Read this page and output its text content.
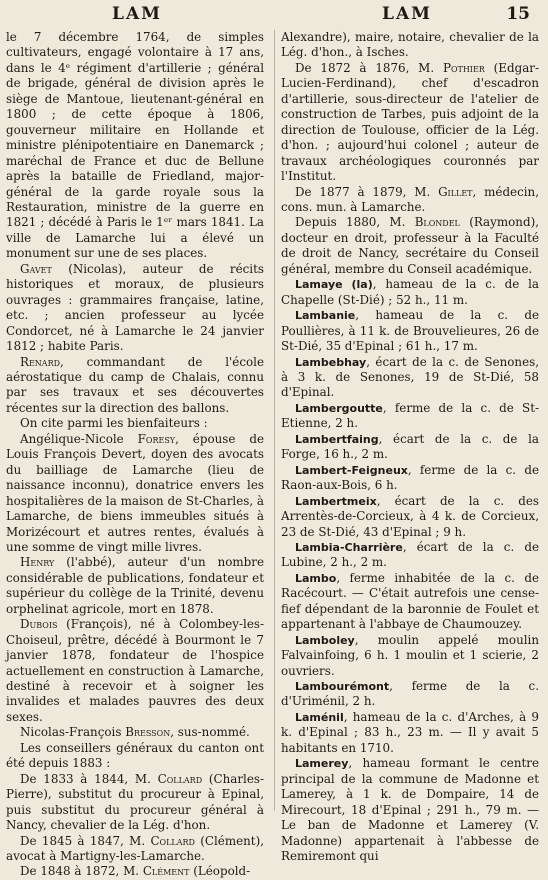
LAM	LAM	15

le 7 décembre 1764, de simples cultivateurs, engagé volontaire à 17 ans, dans le 4ᵉ régiment d'artillerie ; général de brigade, général de division après le siège de Mantoue, lieutenant-général en 1800 ; de cette époque à 1806, gouverneur militaire en Hollande et ministre plénipotentiaire en Danemarck ; maréchal de France et duc de Bellune après la bataille de Friedland, major-général de la garde royale sous la Restauration, ministre de la guerre en 1821 ; décédé à Paris le 1ᵉʳ mars 1841. La ville de Lamarche lui a élevé un monument sur une de ses places.

Gavet (Nicolas), auteur de récits historiques et moraux, de plusieurs ouvrages : grammaires française, latine, etc. ; ancien professeur au lycée Condorcet, né à Lamarche le 24 janvier 1812 ; habite Paris.

Renard, commandant de l'école aérostatique du camp de Chalais, connu par ses travaux et ses découvertes récentes sur la direction des ballons.

On cite parmi les bienfaiteurs :

Angélique-Nicole Foresy, épouse de Louis François Devert, doyen des avocats du bailliage de Lamarche (lieu de naissance inconnu), donatrice envers les hospitalières de la maison de St-Charles, à Lamarche, de biens immeubles situés à Morizécourt et autres rentes, évalués à une somme de vingt mille livres.

Henry (l'abbé), auteur d'un nombre considérable de publications, fondateur et supérieur du collège de la Trinité, devenu orphelinat agricole, mort en 1878.

Dubois (François), né à Colombey-les-Choiseul, prêtre, décédé à Bourmont le 7 janvier 1878, fondateur de l'hospice actuellement en construction à Lamarche, destiné à recevoir et à soigner les invalides et malades pauvres des deux sexes.

Nicolas-François Bresson, sus-nommé.

Les conseillers généraux du canton ont été depuis 1883 :

De 1833 à 1844, M. Collard (Charles-Pierre), substitut du procureur à Epinal, puis substitut du procureur général à Nancy, chevalier de la Lég. d'hon.

De 1845 à 1847, M. Collard (Clément), avocat à Martigny-les-Lamarche.

De 1848 à 1872, M. Clément (Léopold-

Alexandre), maire, notaire, chevalier de la Lég. d'hon., à Isches.

De 1872 à 1876, M. Pothier (Edgar-Lucien-Ferdinand), chef d'escadron d'artillerie, sous-directeur de l'atelier de construction de Tarbes, puis adjoint de la direction de Toulouse, officier de la Lég. d'hon. ; aujourd'hui colonel ; auteur de travaux archéologiques couronnés par l'Institut.

De 1877 à 1879, M. Gillet, médecin, cons. mun. à Lamarche.

Depuis 1880, M. Blondel (Raymond), docteur en droit, professeur à la Faculté de droit de Nancy, secrétaire du Conseil général, membre du Conseil académique.

Lamaye (la), hameau de la c. de la Chapelle (St-Dié) ; 52 h., 11 m.

Lambanie, hameau de la c. de Poullières, à 11 k. de Brouvelieures, 26 de St-Dié, 35 d'Epinal ; 61 h., 17 m.

Lambebhay, écart de la c. de Senones, à 3 k. de Senones, 19 de St-Dié, 58 d'Epinal.

Lambergoutte, ferme de la c. de St-Etienne, 2 h.

Lambertfaing, écart de la c. de la Forge, 16 h., 2 m.

Lambert-Feigneux, ferme de la c. de Raon-aux-Bois, 6 h.

Lambertmeix, écart de la c. des Arrentès-de-Corcieux, à 4 k. de Corcieux, 23 de St-Dié, 43 d'Epinal ; 9 h.

Lambia-Charrière, écart de la c. de Lubine, 2 h., 2 m.

Lambo, ferme inhabitée de la c. de Racécourt. — C'était autrefois une cense-fief dépendant de la baronnie de Foulet et appartenant à l'abbaye de Chaumouzey.

Lamboley, moulin appelé moulin Falvainfoing, 6 h. 1 moulin et 1 scierie, 2 ouvriers.

Lambourémont, ferme de la c. d'Uriménil, 2 h.

Laménil, hameau de la c. d'Arches, à 9 k. d'Epinal ; 83 h., 23 m. — Il y avait 5 habitants en 1710.

Lamerey, hameau formant le centre principal de la commune de Madonne et Lamerey, à 1 k. de Dompaire, 14 de Mirecourt, 18 d'Epinal ; 291 h., 79 m. — Le ban de Madonne et Lamerey (V. Madonne) appartenait à l'abbesse de Remiremont qui
